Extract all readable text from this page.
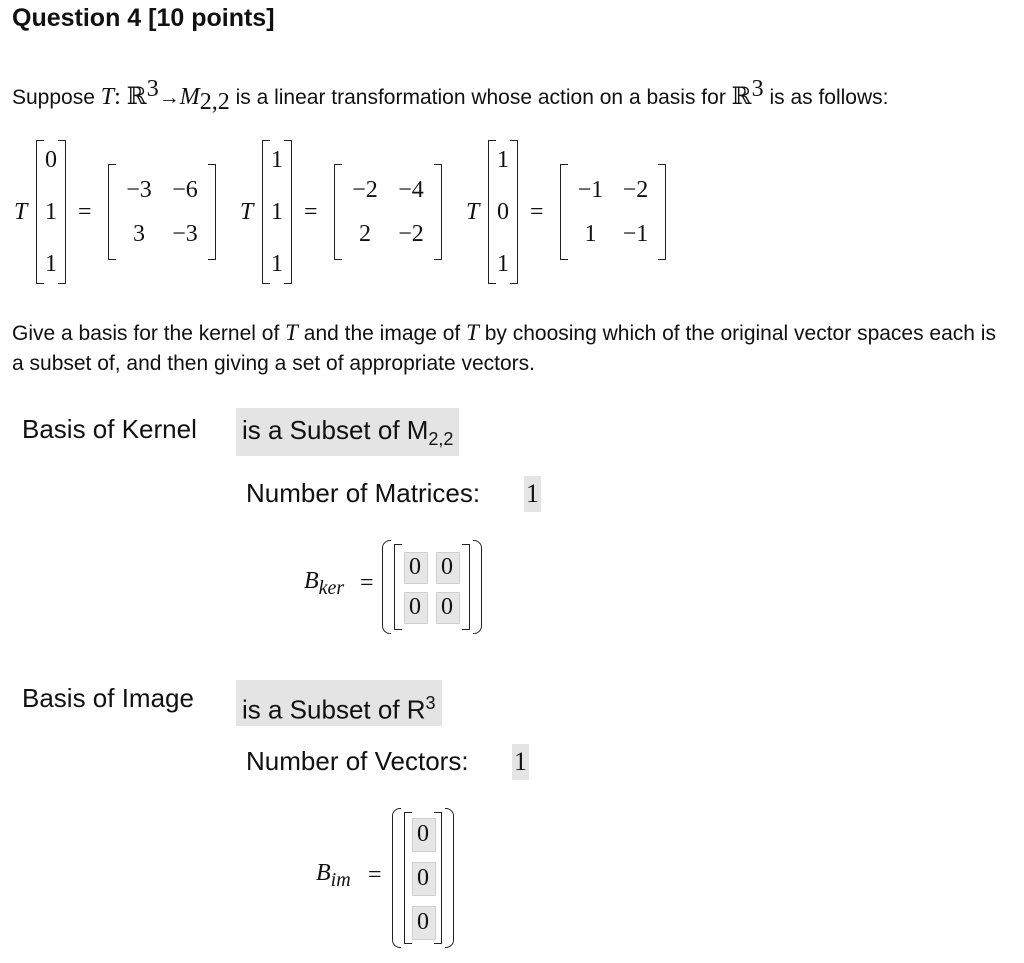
Question 4 [10 points]
Suppose T: $ℝ^3\to M_{2,2}$ is a linear transformation whose action on a basis for ℝ$^3$ is as follows:
T
0
1
1
=
−3 −6
3	−3
T
1
1
1
=
−2 −4
2	−2
T
1
0
1
=
−1 −2
1	−1
Give a basis for the kernel of T and the image of T by choosing which of the original vector spaces each is a subset of, and then giving a set of appropriate vectors.
Basis of Kernel is a Subset of $M_{2,2}$
Number of Matrices: 1
$B_{ker}$ =
0 0
0 0
Basis of Image is a Subset of $R^3$
Number of Vectors: 1
$B_{im}$ =
0
0
0
